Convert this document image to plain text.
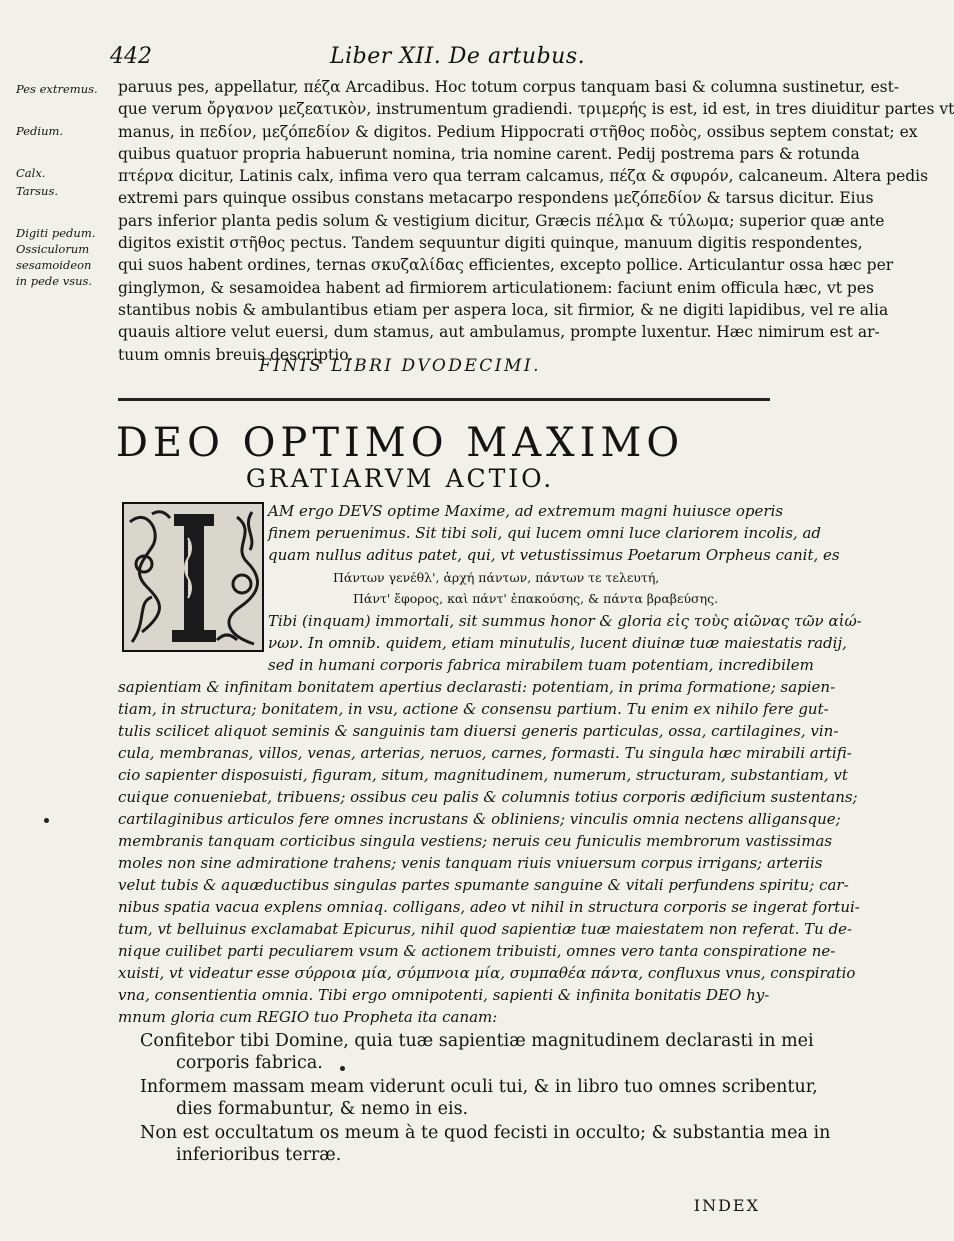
442	Liber XII. De artubus.
Pes extremus.
Pedium.
Calx.
Tarsus.
Digiti pedum.
Ossiculorum
sesamoideon
in pede vsus.
paruus pes, appellatur, πέζα Arcadibus. Hoc totum corpus tanquam basi & columna sustinetur, est-
que verum ὄργανον μεζεατικὸν, instrumentum gradiendi. τριμερής is est, id est, in tres diuiditur partes vt
manus, in πεδίον, μεζόπεδίον & digitos. Pedium Hippocrati στῆθος ποδὸς, ossibus septem constat; ex
quibus quatuor propria habuerunt nomina, tria nomine carent. Pedij postrema pars & rotunda
πτέρνα dicitur, Latinis calx, infima vero qua terram calcamus, πέζα & σφυρόν, calcaneum. Altera pedis
extremi pars quinque ossibus constans metacarpo respondens μεζόπεδίον & tarsus dicitur. Eius
pars inferior planta pedis solum & vestigium dicitur, Græcis πέλμα & τύλωμα; superior quæ ante
digitos existit στῆθος pectus. Tandem sequuntur digiti quinque, manuum digitis respondentes,
qui suos habent ordines, ternas σκυζαλίδας efficientes, excepto pollice. Articulantur ossa hæc per
ginglymon, & sesamoidea habent ad firmiorem articulationem: faciunt enim officula hæc, vt pes
stantibus nobis & ambulantibus etiam per aspera loca, sit firmior, & ne digiti lapidibus, vel re alia
quauis altiore velut euersi, dum stamus, aut ambulamus, prompte luxentur. Hæc nimirum est ar-
tuum omnis breuis descriptio.
FINIS LIBRI DVODECIMI.
DEO OPTIMO MAXIMO
GRATIARVM ACTIO.
I
AM ergo DEVS optime Maxime, ad extremum magni huiusce operis
finem peruenimus. Sit tibi soli, qui lucem omni luce clariorem incolis, ad
quam nullus aditus patet, qui, vt vetustissimus Poetarum Orpheus canit, es
Πάντων γενέθλ', ἀρχή πάντων, πάντων τε τελευτή,
Πάντ' ἔφορος, καὶ πάντ' ἐπακούσης, & πάντα βραβεύσης.
Tibi (inquam) immortali, sit summus honor & gloria εἰς τοὺς αἰῶνας τῶν αἰώ-
νων. In omnib. quidem, etiam minutulis, lucent diuinæ tuæ maiestatis radij,
sed in humani corporis fabrica mirabilem tuam potentiam, incredibilem
sapientiam & infinitam bonitatem apertius declarasti: potentiam, in prima formatione; sapien-
tiam, in structura; bonitatem, in vsu, actione & consensu partium. Tu enim ex nihilo fere gut-
tulis scilicet aliquot seminis & sanguinis tam diuersi generis particulas, ossa, cartilagines, vin-
cula, membranas, villos, venas, arterias, neruos, carnes, formasti. Tu singula hæc mirabili artifi-
cio sapienter disposuisti, figuram, situm, magnitudinem, numerum, structuram, substantiam, vt
cuique conueniebat, tribuens; ossibus ceu palis & columnis totius corporis ædificium sustentans;
cartilaginibus articulos fere omnes incrustans & obliniens; vinculis omnia nectens alligansque;
membranis tanquam corticibus singula vestiens; neruis ceu funiculis membrorum vastissimas
moles non sine admiratione trahens; venis tanquam riuis vniuersum corpus irrigans; arteriis
velut tubis & aquæductibus singulas partes spumante sanguine & vitali perfundens spiritu; car-
nibus spatia vacua explens omniaq. colligans, adeo vt nihil in structura corporis se ingerat fortui-
tum, vt belluinus exclamabat Epicurus, nihil quod sapientiæ tuæ maiestatem non referat. Tu de-
nique cuilibet parti peculiarem vsum & actionem tribuisti, omnes vero tanta conspiratione ne-
xuisti, vt videatur esse σύρροια μία, σύμπνοια μία, συμπαθέα πάντα, confluxus vnus, conspiratio
vna, consentientia omnia. Tibi ergo omnipotenti, sapienti & infinita bonitatis DEO hy-
mnum gloria cum REGIO tuo Propheta ita canam:
Confitebor tibi Domine, quia tuæ sapientiæ magnitudinem declarasti in mei
corporis fabrica.
Informem massam meam viderunt oculi tui, & in libro tuo omnes scribentur,
dies formabuntur, & nemo in eis.
Non est occultatum os meum à te quod fecisti in occulto; & substantia mea in
inferioribus terræ.
INDEX
